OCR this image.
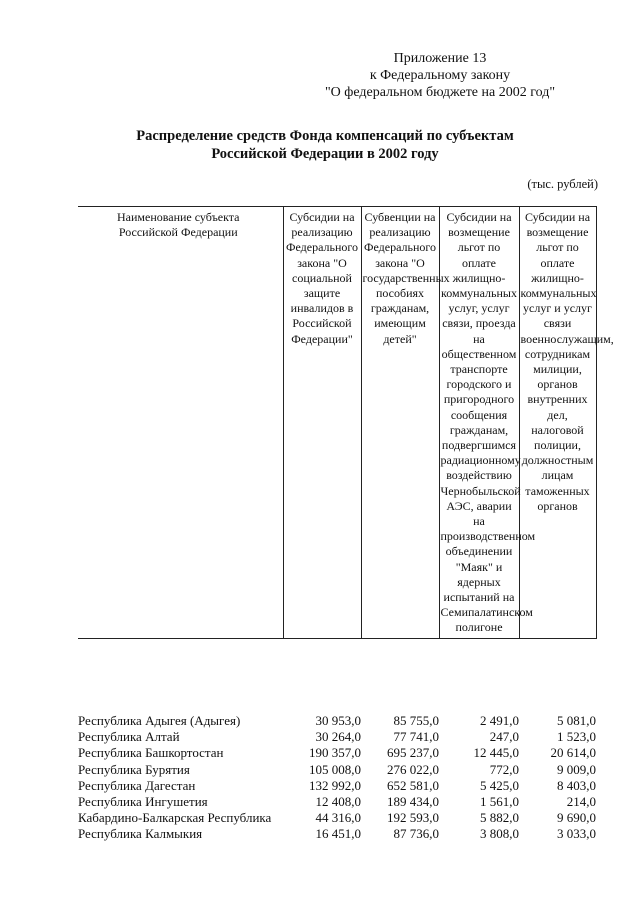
Приложение 13
к Федеральному закону
"О федеральном бюджете на 2002 год"
Распределение средств Фонда компенсаций по субъектам
Российской Федерации в 2002 году
(тыс. рублей)
Наименование субъекта Российской Федерации	Субсидии на реализацию Федерального закона "О социальной защите инвалидов в Российской Федерации"	Субвенции на реализацию Федерального закона "О государственных пособиях гражданам, имеющим детей"	Субсидии на возмещение льгот по оплате жилищно-коммунальных услуг, услуг связи, проезда на общественном транспорте городского и пригородного сообщения гражданам, подвергшимся радиационному воздействию Чернобыльской АЭС, аварии на производственном объединении "Маяк" и ядерных испытаний на Семипалатинском полигоне	Субсидии на возмещение льгот по оплате жилищно-коммунальных услуг и услуг связи военнослужащим, сотрудникам милиции, органов внутренних дел, налоговой полиции, должностным лицам таможенных органов
Республика Адыгея (Адыгея)	30 953,0	85 755,0	2 491,0	5 081,0
Республика Алтай	30 264,0	77 741,0	247,0	1 523,0
Республика Башкортостан	190 357,0	695 237,0	12 445,0	20 614,0
Республика Бурятия	105 008,0	276 022,0	772,0	9 009,0
Республика Дагестан	132 992,0	652 581,0	5 425,0	8 403,0
Республика Ингушетия	12 408,0	189 434,0	1 561,0	214,0
Кабардино-Балкарская Республика	44 316,0	192 593,0	5 882,0	9 690,0
Республика Калмыкия	16 451,0	87 736,0	3 808,0	3 033,0
